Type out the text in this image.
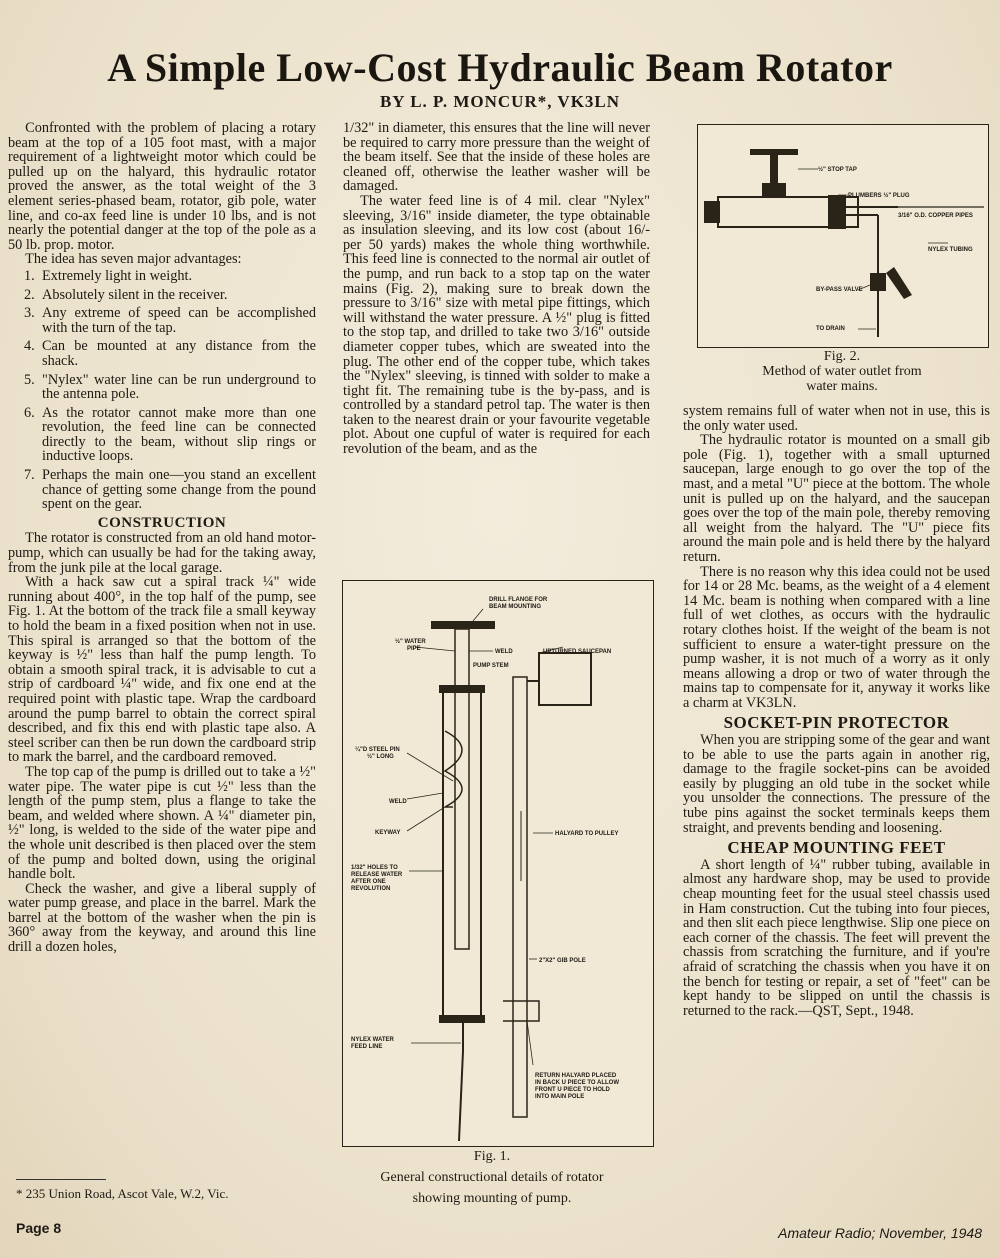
A Simple Low-Cost Hydraulic Beam Rotator
BY L. P. MONCUR*, VK3LN

Confronted with the problem of placing a rotary beam at the top of a 105 foot mast, with a major requirement of a lightweight motor which could be pulled up on the halyard, this hydraulic rotator proved the answer, as the total weight of the 3 element series-phased beam, rotator, gib pole, water line, and co-ax feed line is under 10 lbs, and is not nearly the potential danger at the top of the pole as a 50 lb. prop. motor.

The idea has seven major advantages:

1. Extremely light in weight.
2. Absolutely silent in the receiver.
3. Any extreme of speed can be accomplished with the turn of the tap.
4. Can be mounted at any distance from the shack.
5. "Nylex" water line can be run underground to the antenna pole.
6. As the rotator cannot make more than one revolution, the feed line can be connected directly to the beam, without slip rings or inductive loops.
7. Perhaps the main one—you stand an excellent chance of getting some change from the pound spent on the gear.
CONSTRUCTION

The rotator is constructed from an old hand motor-pump, which can usually be had for the taking away, from the junk pile at the local garage.

With a hack saw cut a spiral track ¼" wide running about 400°, in the top half of the pump, see Fig. 1. At the bottom of the track file a small keyway to hold the beam in a fixed position when not in use. This spiral is arranged so that the bottom of the keyway is ½" less than half the pump length. To obtain a smooth spiral track, it is advisable to cut a strip of cardboard ¼" wide, and fix one end at the required point with plastic tape. Wrap the cardboard around the pump barrel to obtain the correct spiral described, and fix this end with plastic tape also. A steel scriber can then be run down the cardboard strip to mark the barrel, and the cardboard removed.

The top cap of the pump is drilled out to take a ½" water pipe. The water pipe is cut ½" less than the length of the pump stem, plus a flange to take the beam, and welded where shown. A ¼" diameter pin, ½" long, is welded to the side of the water pipe and the whole unit described is then placed over the stem of the pump and bolted down, using the original handle bolt.

Check the washer, and give a liberal supply of water pump grease, and place in the barrel. Mark the barrel at the bottom of the washer when the pin is 360° away from the keyway, and around this line drill a dozen holes,

1/32" in diameter, this ensures that the line will never be required to carry more pressure than the weight of the beam itself. See that the inside of these holes are cleaned off, otherwise the leather washer will be damaged.

The water feed line is of 4 mil. clear "Nylex" sleeving, 3/16" inside diameter, the type obtainable as insulation sleeving, and its low cost (about 16/- per 50 yards) makes the whole thing worthwhile. This feed line is connected to the normal air outlet of the pump, and run back to a stop tap on the water mains (Fig. 2), making sure to break down the pressure to 3/16" size with metal pipe fittings, which will withstand the water pressure. A ½" plug is fitted to the stop tap, and drilled to take two 3/16" outside diameter copper tubes, which are sweated into the plug. The other end of the copper tube, which takes the "Nylex" sleeving, is tinned with solder to make a tight fit. The remaining tube is the by-pass, and is controlled by a standard petrol tap. The water is then taken to the nearest drain or your favourite vegetable plot. About one cupful of water is required for each revolution of the beam, and as the

DRILL FLANGE FOR
BEAM MOUNTING
½" WATER
PIPE	WELD	UPTURNED SAUCEPAN
PUMP STEM
¼"D STEEL PIN
½" LONG
WELD
KEYWAY	HALYARD TO PULLEY
1/32" HOLES TO
RELEASE WATER
AFTER ONE
REVOLUTION
2"X2" GIB POLE
NYLEX WATER
FEED LINE
RETURN HALYARD PLACED
IN BACK U PIECE TO ALLOW
FRONT U PIECE TO HOLD
INTO MAIN POLE
Fig. 1.
General constructional details of rotator
showing mounting of pump.
½" STOP TAP
PLUMBERS ½" PLUG
3/16" O.D. COPPER PIPES
NYLEX TUBING
BY-PASS VALVE
TO DRAIN
Fig. 2.
Method of water outlet from
water mains.

system remains full of water when not in use, this is the only water used.

The hydraulic rotator is mounted on a small gib pole (Fig. 1), together with a small upturned saucepan, large enough to go over the top of the mast, and a metal "U" piece at the bottom. The whole unit is pulled up on the halyard, and the saucepan goes over the top of the main pole, thereby removing all weight from the halyard. The "U" piece fits around the main pole and is held there by the halyard return.

There is no reason why this idea could not be used for 14 or 28 Mc. beams, as the weight of a 4 element 14 Mc. beam is nothing when compared with a line full of wet clothes, as occurs with the hydraulic rotary clothes hoist. If the weight of the beam is not sufficient to ensure a water-tight pressure on the pump washer, it is not much of a worry as it only means allowing a drop or two of water through the mains tap to compensate for it, anyway it works like a charm at VK3LN.

SOCKET-PIN PROTECTOR

When you are stripping some of the gear and want to be able to use the parts again in another rig, damage to the fragile socket-pins can be avoided easily by plugging an old tube in the socket while you unsolder the connections. The pressure of the tube pins against the socket terminals keeps them straight, and prevents bending and loosening.

CHEAP MOUNTING FEET

A short length of ¼" rubber tubing, available in almost any hardware shop, may be used to provide cheap mounting feet for the usual steel chassis used in Ham construction. Cut the tubing into four pieces, and then slit each piece lengthwise. Slip one piece on each corner of the chassis. The feet will prevent the chassis from scratching the furniture, and if you're afraid of scratching the chassis when you have it on the bench for testing or repair, a set of "feet" can be kept handy to be slipped on until the chassis is returned to the rack.—QST, Sept., 1948.

* 235 Union Road, Ascot Vale, W.2, Vic.
Page 8	Amateur Radio; November, 1948
